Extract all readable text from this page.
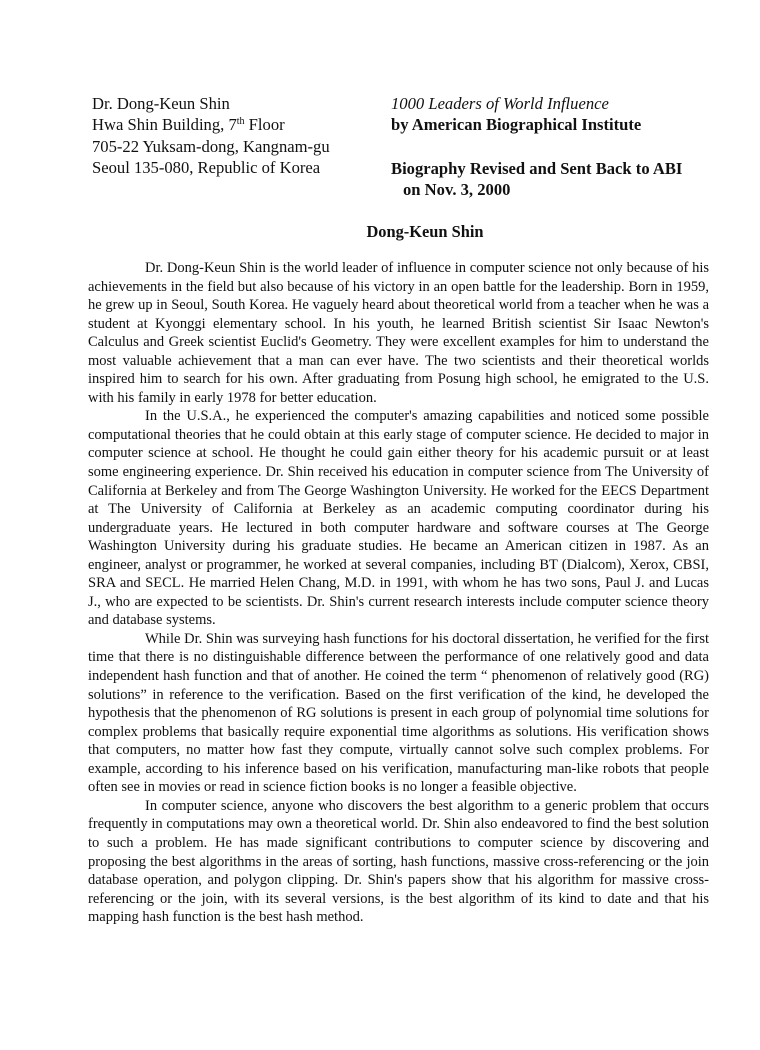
Dr. Dong-Keun Shin
Hwa Shin Building, 7th Floor
705-22 Yuksam-dong, Kangnam-gu
Seoul 135-080, Republic of Korea
1000 Leaders of World Influence
by American Biographical Institute
Biography Revised and Sent Back to ABI
on Nov. 3, 2000
Dong-Keun Shin

Dr. Dong-Keun Shin is the world leader of influence in computer science not only because of his achievements in the field but also because of his victory in an open battle for the leadership. Born in 1959, he grew up in Seoul, South Korea. He vaguely heard about theoretical world from a teacher when he was a student at Kyonggi elementary school. In his youth, he learned British scientist Sir Isaac Newton's Calculus and Greek scientist Euclid's Geometry. They were excellent examples for him to understand the most valuable achievement that a man can ever have. The two scientists and their theoretical worlds inspired him to search for his own. After graduating from Posung high school, he emigrated to the U.S. with his family in early 1978 for better education.

In the U.S.A., he experienced the computer's amazing capabilities and noticed some possible computational theories that he could obtain at this early stage of computer science. He decided to major in computer science at school. He thought he could gain either theory for his academic pursuit or at least some engineering experience. Dr. Shin received his education in computer science from The University of California at Berkeley and from The George Washington University. He worked for the EECS Department at The University of California at Berkeley as an academic computing coordinator during his undergraduate years. He lectured in both computer hardware and software courses at The George Washington University during his graduate studies. He became an American citizen in 1987. As an engineer, analyst or programmer, he worked at several companies, including BT (Dialcom), Xerox, CBSI, SRA and SECL. He married Helen Chang, M.D. in 1991, with whom he has two sons, Paul J. and Lucas J., who are expected to be scientists. Dr. Shin's current research interests include computer science theory and database systems.

While Dr. Shin was surveying hash functions for his doctoral dissertation, he verified for the first time that there is no distinguishable difference between the performance of one relatively good and data independent hash function and that of another. He coined the term “ phenomenon of relatively good (RG) solutions” in reference to the verification. Based on the first verification of the kind, he developed the hypothesis that the phenomenon of RG solutions is present in each group of polynomial time solutions for complex problems that basically require exponential time algorithms as solutions. His verification shows that computers, no matter how fast they compute, virtually cannot solve such complex problems. For example, according to his inference based on his verification, manufacturing man-like robots that people often see in movies or read in science fiction books is no longer a feasible objective.

In computer science, anyone who discovers the best algorithm to a generic problem that occurs frequently in computations may own a theoretical world. Dr. Shin also endeavored to find the best solution to such a problem. He has made significant contributions to computer science by discovering and proposing the best algorithms in the areas of sorting, hash functions, massive cross-referencing or the join database operation, and polygon clipping. Dr. Shin's papers show that his algorithm for massive cross-referencing or the join, with its several versions, is the best algorithm of its kind to date and that his mapping hash function is the best hash method.
